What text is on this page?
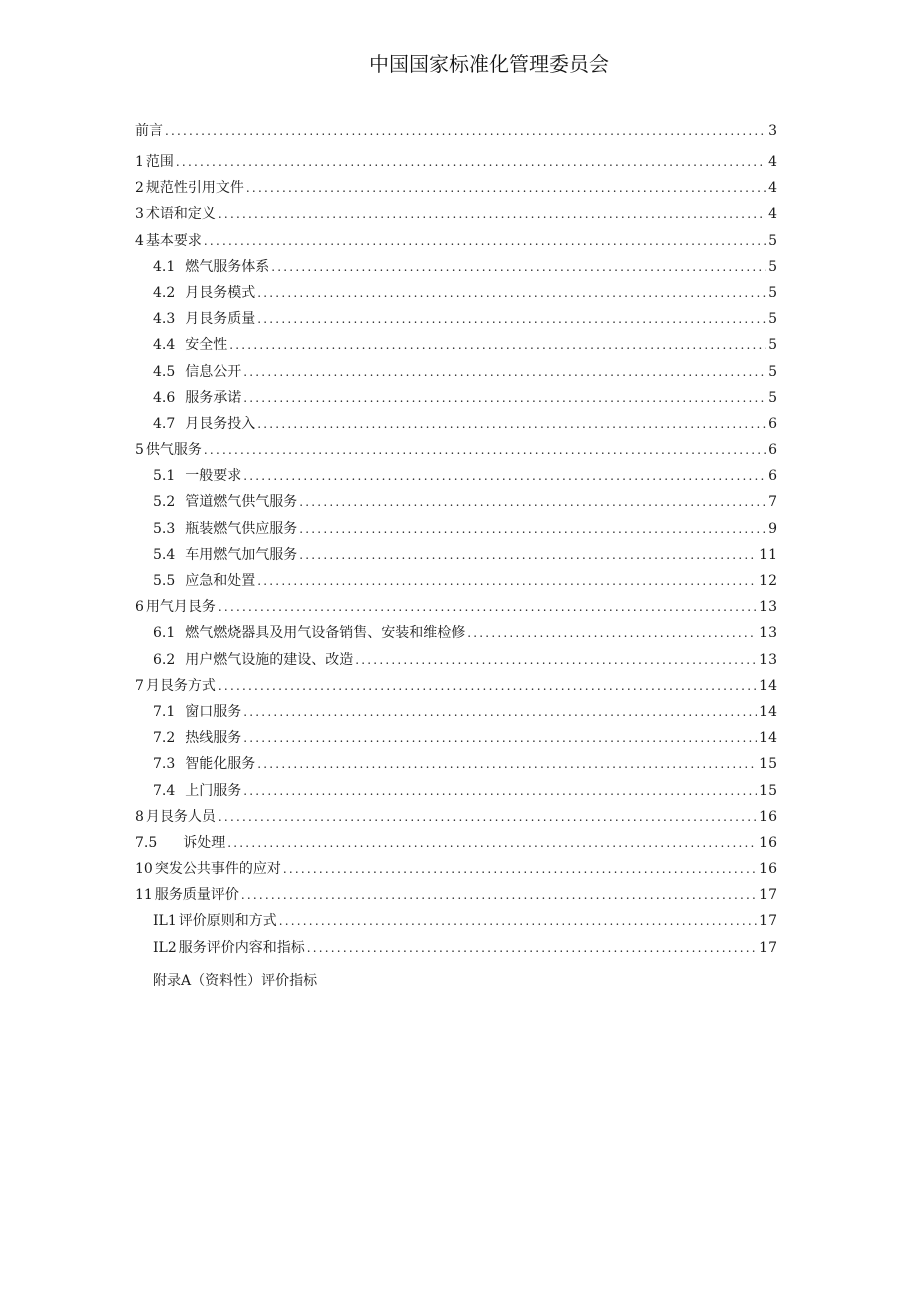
中国国家标准化管理委员会
前言 .....	3
1 范围 .....	4
2 规范性引用文件 .....	4
3 术语和定义 .....	4
4 基本要求 .....	5
4.1 燃气服务体系 .....	5
4.2 月艮务模式 .....	5
4.3 月艮务质量 .....	5
4.4 安全性 .....	5
4.5 信息公开 .....	5
4.6 服务承诺 .....	5
4.7 月艮务投入 .....	6
5 供气服务 .....	6
5.1 一般要求 .....	6
5.2 管道燃气供气服务 .....	7
5.3 瓶装燃气供应服务 .....	9
5.4 车用燃气加气服务 .....	11
5.5 应急和处置 .....	12
6 用气月艮务 .....	13
6.1 燃气燃烧器具及用气设备销售、安装和维检修 .....	13
6.2 用户燃气设施的建设、改造 .....	13
7 月艮务方式 .....	14
7.1 窗口服务 .....	14
7.2 热线服务 .....	14
7.3 智能化服务 .....	15
7.4 上门服务 .....	15
8 月艮务人员 .....	16
7.5 诉处理 .....	16
10 突发公共事件的应对 .....	16
11 服务质量评价 .....	17
IL1 评价原则和方式 .....	17
IL2 服务评价内容和指标 .....	17
附录A（资料性）评价指标
